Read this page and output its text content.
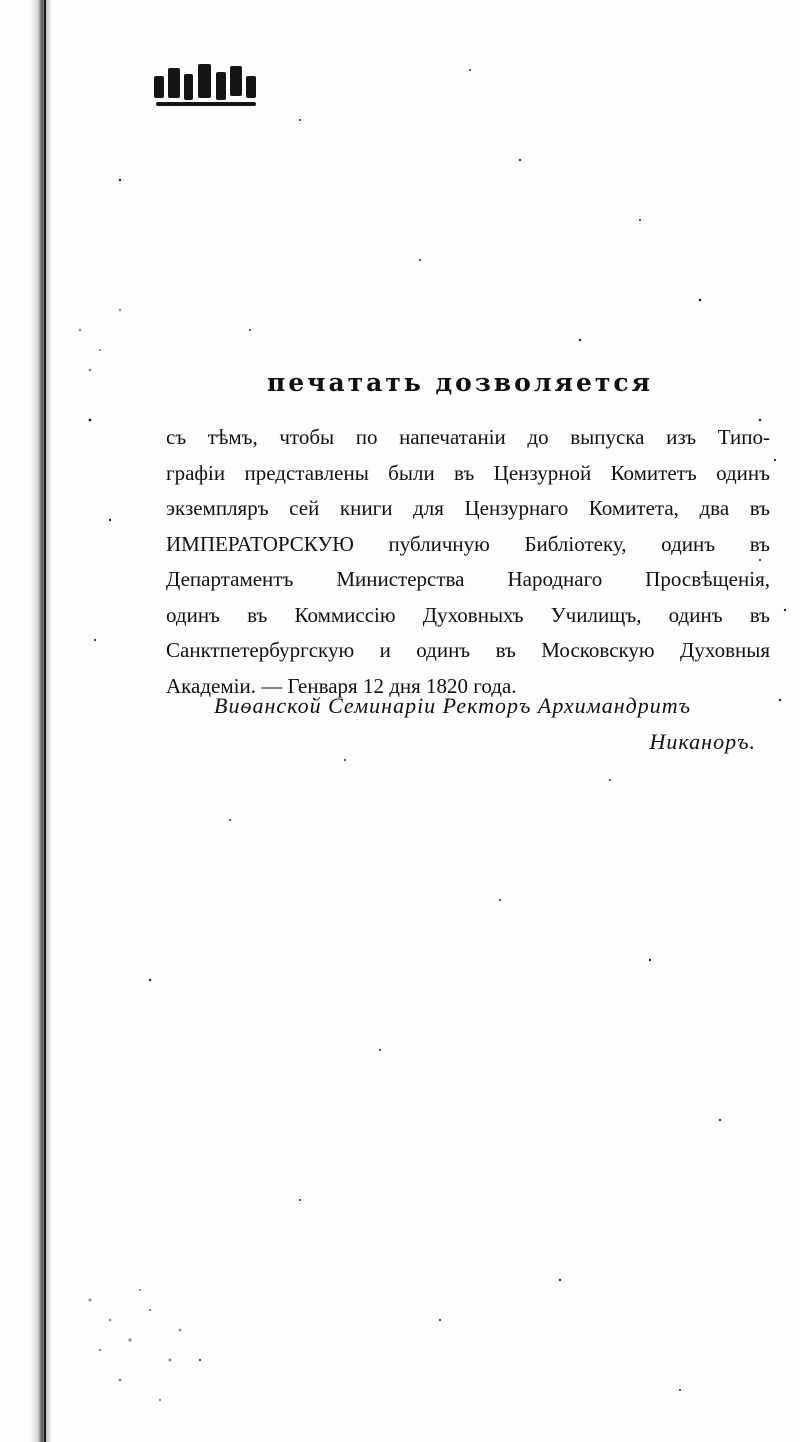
печатать дозволяется
съ тѣмъ, чтобы по напечатаніи до выпуска изъ Типо-
графіи представлены были въ Цензурной Комитетъ одинъ
экземпляръ сей книги для Цензурнаго Комитета, два въ
ИМПЕРАТОРСКУЮ публичную Библіотеку, одинъ въ
Департаментъ Министерства Народнаго Просвѣщенія,
одинъ въ Коммиссію Духовныхъ Училищъ, одинъ въ
Санктпетербургскую и одинъ въ Московскую Духовныя
Академіи. — Генваря 12 дня 1820 года.
Виѳанской Семинаріи Ректоръ Архимандритъ
Никаноръ.
